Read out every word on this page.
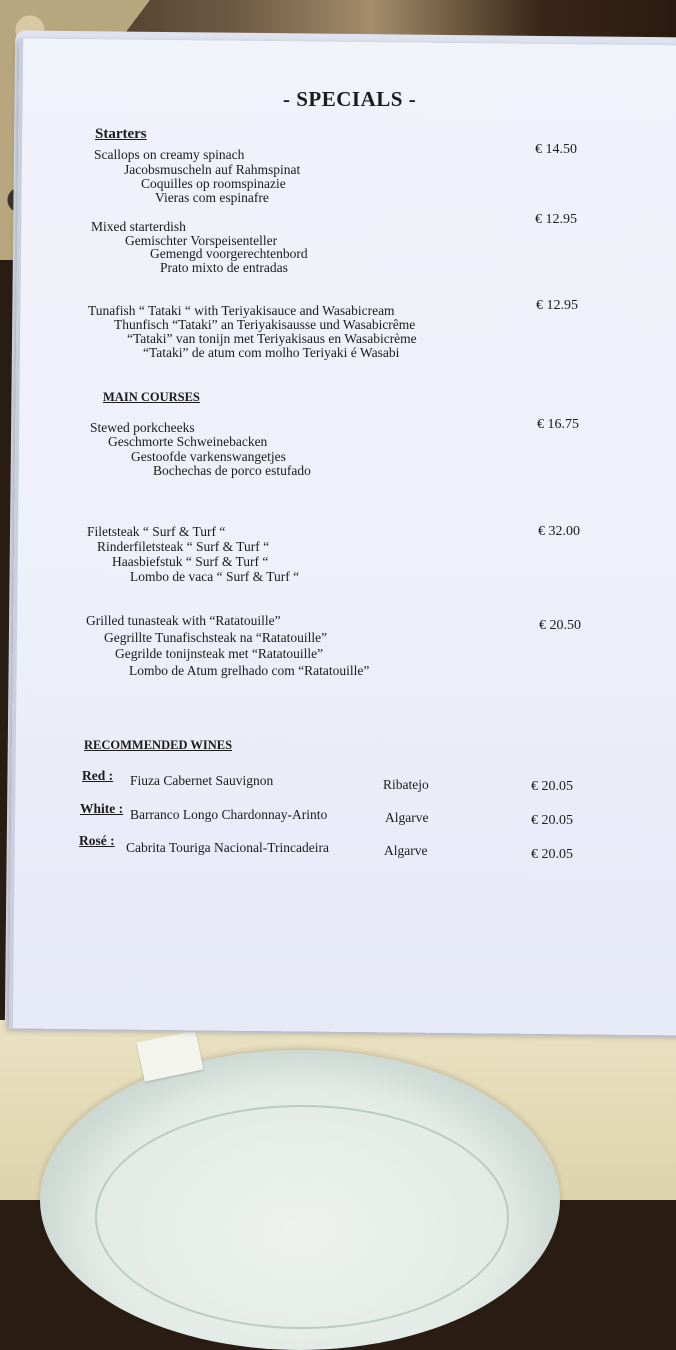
- SPECIALS -
Starters
Scallops on creamy spinach
Jacobsmuscheln auf Rahmspinat
Coquilles op roomspinazie
Vieras com espinafre
€ 14.50
Mixed starterdish
Gemischter Vorspeisenteller
Gemengd voorgerechtenbord
Prato mixto de entradas
€ 12.95
Tunafish “ Tataki “ with Teriyakisauce and Wasabicream
Thunfisch “Tataki” an Teriyakisausse und Wasabicrême
“Tataki” van tonijn met Teriyakisaus en Wasabicrème
“Tataki” de atum com molho Teriyaki é Wasabi
€ 12.95
MAIN COURSES
Stewed porkcheeks
Geschmorte Schweinebacken
Gestoofde varkenswangetjes
Bochechas de porco estufado
€ 16.75
Filetsteak “ Surf & Turf “
Rinderfiletsteak “ Surf & Turf “
Haasbiefstuk “ Surf & Turf “
Lombo de vaca “ Surf & Turf “
€ 32.00
Grilled tunasteak with “Ratatouille”
Gegrillte Tunafischsteak na “Ratatouille”
Gegrilde tonijnsteak met “Ratatouille”
Lombo de Atum grelhado com “Ratatouille”
€ 20.50
RECOMMENDED WINES
Red : Fiuza Cabernet Sauvignon	Ribatejo	€ 20.05
White : Barranco Longo Chardonnay-Arinto	Algarve	€ 20.05
Rosé : Cabrita Touriga Nacional-Trincadeira	Algarve	€ 20.05
